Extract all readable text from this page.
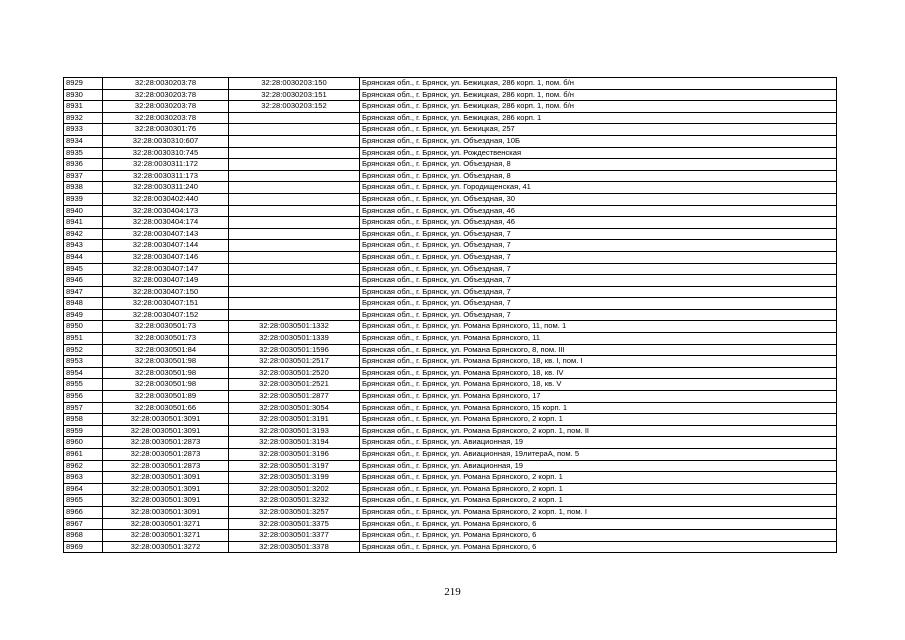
8929	32:28:0030203:78	32:28:0030203:150	Брянская обл., г. Брянск, ул. Бежицкая, 286 корп. 1, пом. б/н
8930	32:28:0030203:78	32:28:0030203:151	Брянская обл., г. Брянск, ул. Бежицкая, 286 корп. 1, пом. б/н
8931	32:28:0030203:78	32:28:0030203:152	Брянская обл., г. Брянск, ул. Бежицкая, 286 корп. 1, пом. б/н
8932	32:28:0030203:78		Брянская обл., г. Брянск, ул. Бежицкая, 286 корп. 1
8933	32:28:0030301:76		Брянская обл., г. Брянск, ул. Бежицкая, 257
8934	32:28:0030310:607		Брянская обл., г. Брянск, ул. Объездная, 10Б
8935	32:28:0030310:745		Брянская обл., г. Брянск, ул. Рождественская
8936	32:28:0030311:172		Брянская обл., г. Брянск, ул. Объездная, 8
8937	32:28:0030311:173		Брянская обл., г. Брянск, ул. Объездная, 8
8938	32:28:0030311:240		Брянская обл., г. Брянск, ул. Городищенская, 41
8939	32:28:0030402:440		Брянская обл., г. Брянск, ул. Объездная, 30
8940	32:28:0030404:173		Брянская обл., г. Брянск, ул. Объездная, 46
8941	32:28:0030404:174		Брянская обл., г. Брянск, ул. Объездная, 46
8942	32:28:0030407:143		Брянская обл., г. Брянск, ул. Объездная, 7
8943	32:28:0030407:144		Брянская обл., г. Брянск, ул. Объездная, 7
8944	32:28:0030407:146		Брянская обл., г. Брянск, ул. Объездная, 7
8945	32:28:0030407:147		Брянская обл., г. Брянск, ул. Объездная, 7
8946	32:28:0030407:149		Брянская обл., г. Брянск, ул. Объездная, 7
8947	32:28:0030407:150		Брянская обл., г. Брянск, ул. Объездная, 7
8948	32:28:0030407:151		Брянская обл., г. Брянск, ул. Объездная, 7
8949	32:28:0030407:152		Брянская обл., г. Брянск, ул. Объездная, 7
8950	32:28:0030501:73	32:28:0030501:1332	Брянская обл., г. Брянск, ул. Романа Брянского, 11, пом. 1
8951	32:28:0030501:73	32:28:0030501:1339	Брянская обл., г. Брянск, ул. Романа Брянского, 11
8952	32:28:0030501:84	32:28:0030501:1596	Брянская обл., г. Брянск, ул. Романа Брянского, 8, пом. III
8953	32:28:0030501:98	32:28:0030501:2517	Брянская обл., г. Брянск, ул. Романа Брянского, 18, кв. I, пом. I
8954	32:28:0030501:98	32:28:0030501:2520	Брянская обл., г. Брянск, ул. Романа Брянского, 18, кв. IV
8955	32:28:0030501:98	32:28:0030501:2521	Брянская обл., г. Брянск, ул. Романа Брянского, 18, кв. V
8956	32:28:0030501:89	32:28:0030501:2877	Брянская обл., г. Брянск, ул. Романа Брянского, 17
8957	32:28:0030501:66	32:28:0030501:3054	Брянская обл., г. Брянск, ул. Романа Брянского, 15 корп. 1
8958	32:28:0030501:3091	32:28:0030501:3191	Брянская обл., г. Брянск, ул. Романа Брянского, 2 корп. 1
8959	32:28:0030501:3091	32:28:0030501:3193	Брянская обл., г. Брянск, ул. Романа Брянского, 2 корп. 1, пом. II
8960	32:28:0030501:2873	32:28:0030501:3194	Брянская обл., г. Брянск, ул. Авиационная, 19
8961	32:28:0030501:2873	32:28:0030501:3196	Брянская обл., г. Брянск, ул. Авиационная, 19литераА, пом. 5
8962	32:28:0030501:2873	32:28:0030501:3197	Брянская обл., г. Брянск, ул. Авиационная, 19
8963	32:28:0030501:3091	32:28:0030501:3199	Брянская обл., г. Брянск, ул. Романа Брянского, 2 корп. 1
8964	32:28:0030501:3091	32:28:0030501:3202	Брянская обл., г. Брянск, ул. Романа Брянского, 2 корп. 1
8965	32:28:0030501:3091	32:28:0030501:3232	Брянская обл., г. Брянск, ул. Романа Брянского, 2 корп. 1
8966	32:28:0030501:3091	32:28:0030501:3257	Брянская обл., г. Брянск, ул. Романа Брянского, 2 корп. 1, пом. I
8967	32:28:0030501:3271	32:28:0030501:3375	Брянская обл., г. Брянск, ул. Романа Брянского, 6
8968	32:28:0030501:3271	32:28:0030501:3377	Брянская обл., г. Брянск, ул. Романа Брянского, 6
8969	32:28:0030501:3272	32:28:0030501:3378	Брянская обл., г. Брянск, ул. Романа Брянского, 6
219
